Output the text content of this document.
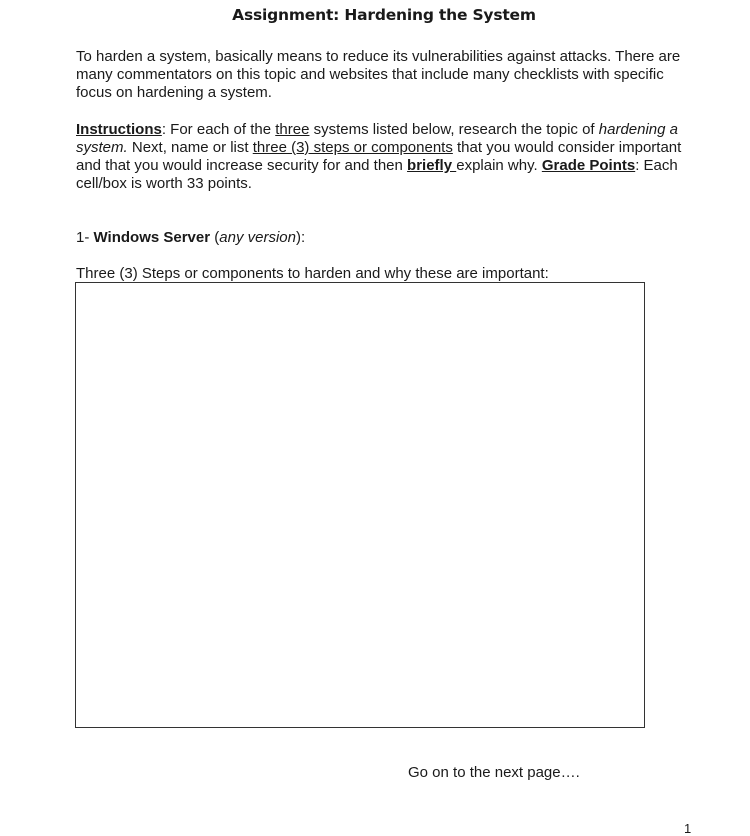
Assignment: Hardening the System

To harden a system, basically means to reduce its vulnerabilities against attacks. There are many commentators on this topic and websites that include many checklists with specific focus on hardening a system.

Instructions: For each of the three systems listed below, research the topic of hardening a system. Next, name or list three (3) steps or components that you would consider important and that you would increase security for and then briefly explain why. Grade Points: Each cell/box is worth 33 points.

1- Windows Server (any version):
Three (3) Steps or components to harden and why these are important:
Go on to the next page….
1
